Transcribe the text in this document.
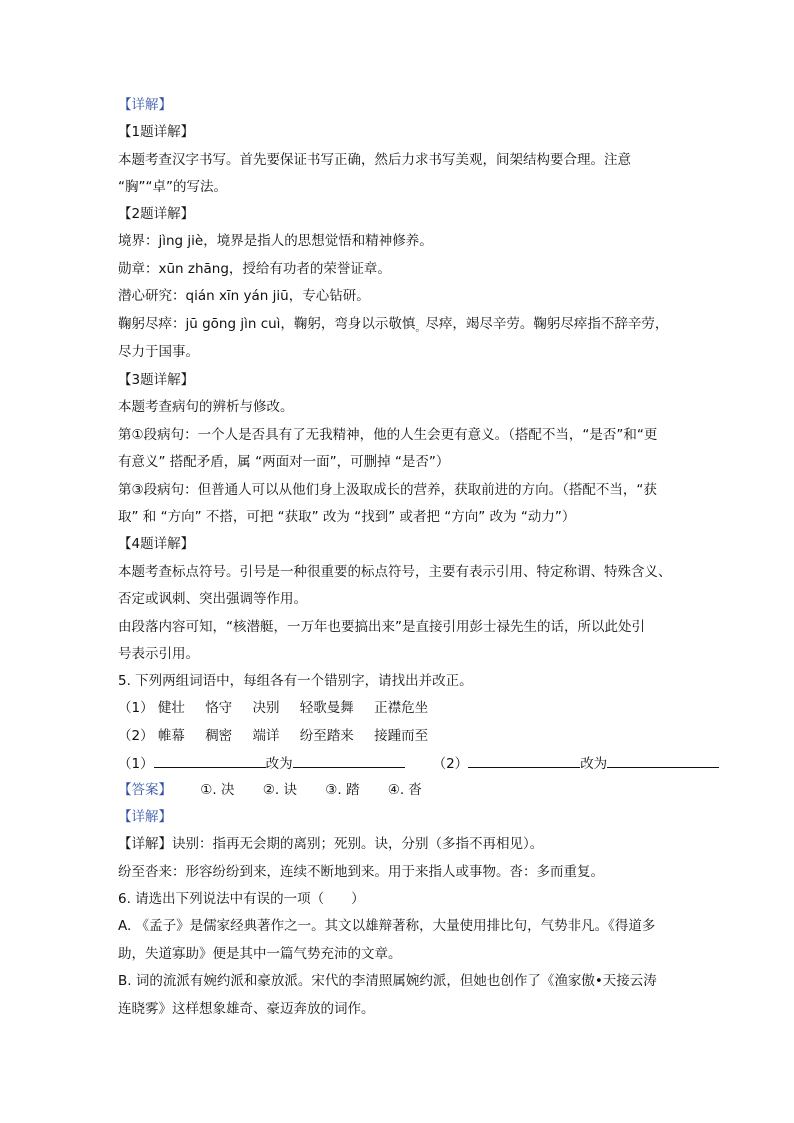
【详解】
【1题详解】
本题考查汉字书写。首先要保证书写正确，然后力求书写美观，间架结构要合理。注意
“胸”“卓”的写法。
【2题详解】
境界：jìng jiè，境界是指人的思想觉悟和精神修养。
勋章：xūn zhāng，授给有功者的荣誉证章。
潜心研究：qián xīn yán jiū，专心钻研。
鞠躬尽瘁：jū gōng jìn cuì，鞠躬，弯身以示敬慎$_。$尽瘁，竭尽辛劳。鞠躬尽瘁指不辞辛劳，
尽力于国事。
【3题详解】
本题考查病句的辨析与修改。
第①段病句：一个人是否具有了无我精神，他的人生会更有意义。（搭配不当，“是否”和“更
有意义” 搭配矛盾，属 “两面对一面”，可删掉 “是否”）
第③段病句：但普通人可以从他们身上汲取成长的营养，获取前进的方向。（搭配不当，“获
取” 和 “方向” 不搭，可把 “获取” 改为 “找到” 或者把 “方向” 改为 “动力”）
【4题详解】
本题考查标点符号。引号是一种很重要的标点符号，主要有表示引用、特定称谓、特殊含义、
否定或讽刺、突出强调等作用。
由段落内容可知，“核潜艇，一万年也要搞出来”是直接引用彭士禄先生的话，所以此处引
号表示引用。
5. 下列两组词语中，每组各有一个错别字，请找出并改正。
（1） 健壮 恪守 决别 轻歌曼舞 正襟危坐
（2） 帷幕 稠密 端详 纷至踏来 接踵而至
（1）	改为	（2）	改为
【答案】 ①. 决 ②. 诀 ③. 踏 ④. 沓
【详解】
【详解】诀别：指再无会期的离别；死别。诀，分别（多指不再相见）。
纷至沓来：形容纷纷到来，连续不断地到来。用于来指人或事物。沓：多而重复。
6. 请选出下列说法中有误的一项（　　）
A. 《孟子》是儒家经典著作之一。其文以雄辩著称，大量使用排比句，气势非凡。《得道多
助，失道寡助》便是其中一篇气势充沛的文章。
B. 词的流派有婉约派和豪放派。宋代的李清照属婉约派，但她也创作了《渔家傲•天接云涛
连晓雾》这样想象雄奇、豪迈奔放的词作。
